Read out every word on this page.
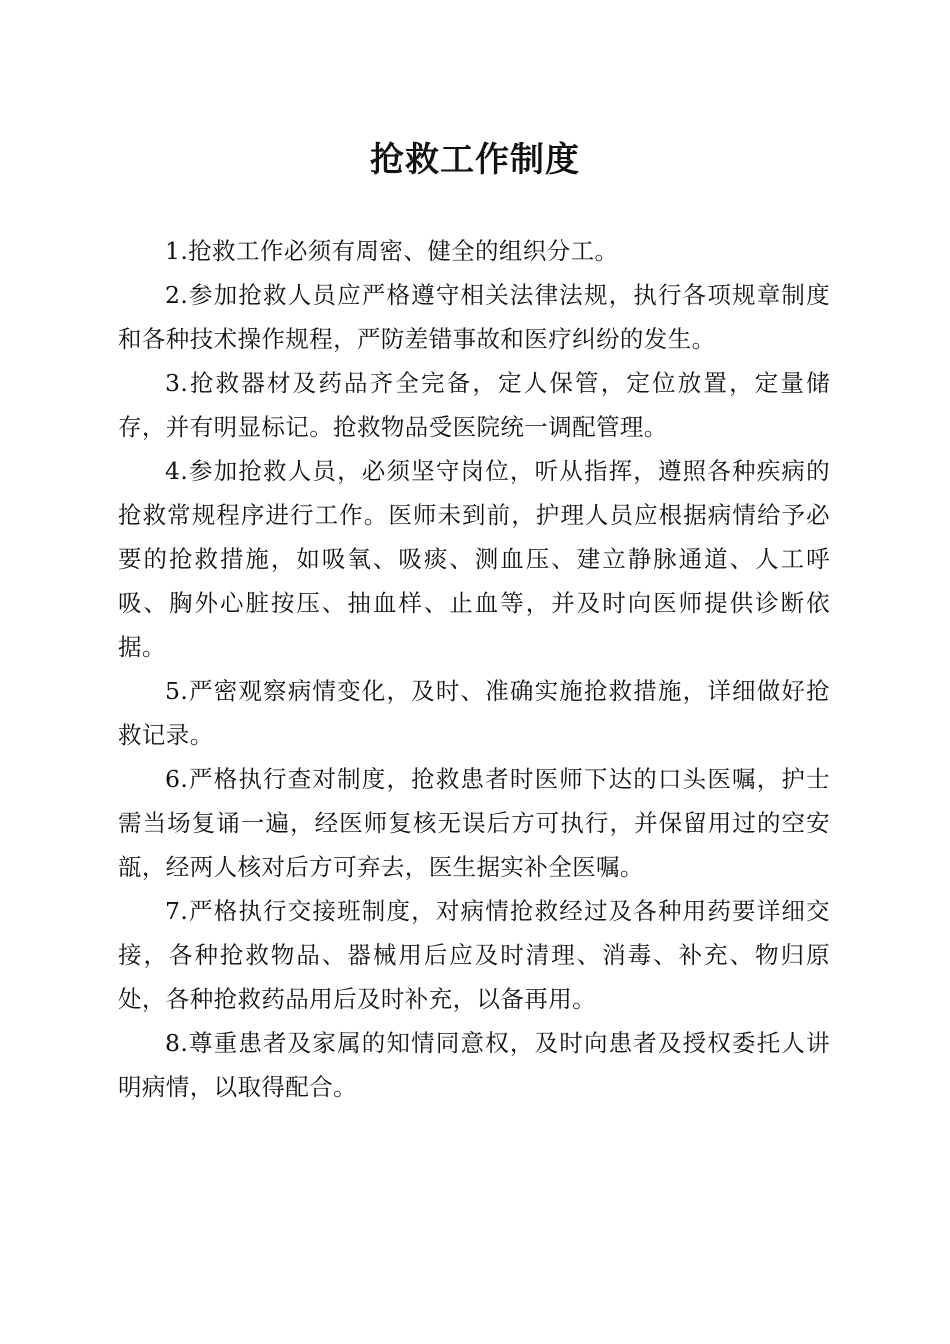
抢救工作制度

1.抢救工作必须有周密、健全的组织分工。

2.参加抢救人员应严格遵守相关法律法规，执行各项规章制度和各种技术操作规程，严防差错事故和医疗纠纷的发生。

3.抢救器材及药品齐全完备，定人保管，定位放置，定量储存，并有明显标记。抢救物品受医院统一调配管理。

4.参加抢救人员，必须坚守岗位，听从指挥，遵照各种疾病的抢救常规程序进行工作。医师未到前，护理人员应根据病情给予必要的抢救措施，如吸氧、吸痰、测血压、建立静脉通道、人工呼吸、胸外心脏按压、抽血样、止血等，并及时向医师提供诊断依据。

5.严密观察病情变化，及时、准确实施抢救措施，详细做好抢救记录。

6.严格执行查对制度，抢救患者时医师下达的口头医嘱，护士需当场复诵一遍，经医师复核无误后方可执行，并保留用过的空安瓿，经两人核对后方可弃去，医生据实补全医嘱。

7.严格执行交接班制度，对病情抢救经过及各种用药要详细交接，各种抢救物品、器械用后应及时清理、消毒、补充、物归原处，各种抢救药品用后及时补充，以备再用。

8.尊重患者及家属的知情同意权，及时向患者及授权委托人讲明病情，以取得配合。
